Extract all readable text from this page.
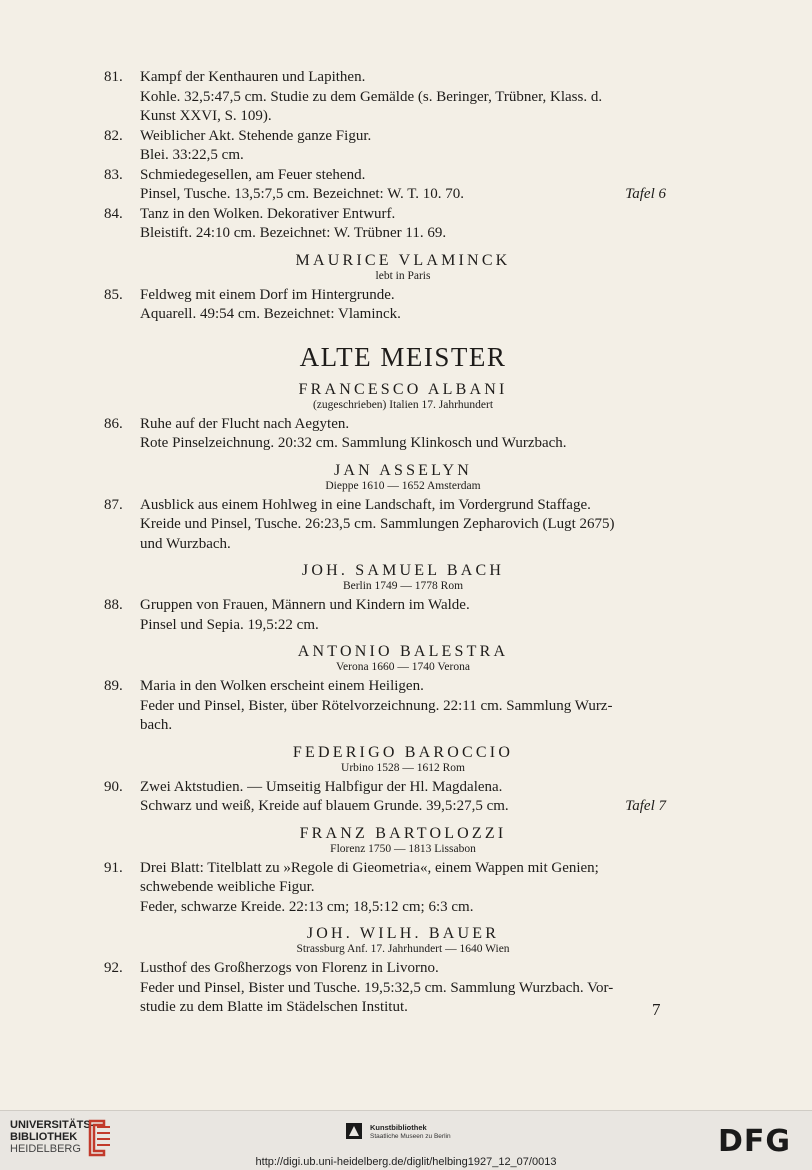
81.	Kampf der Kenthauren und Lapithen.
Kohle. 32,5:47,5 cm. Studie zu dem Gemälde (s. Beringer, Trübner, Klass. d.
Kunst XXVI, S. 109).
82.	Weiblicher Akt. Stehende ganze Figur.
Blei. 33:22,5 cm.
83.	Schmiedegesellen, am Feuer stehend.
Pinsel, Tusche. 13,5:7,5 cm. Bezeichnet: W. T. 10. 70.	Tafel 6
84.	Tanz in den Wolken. Dekorativer Entwurf.
Bleistift. 24:10 cm. Bezeichnet: W. Trübner 11. 69.
MAURICE VLAMINCK
lebt in Paris
85.	Feldweg mit einem Dorf im Hintergrunde.
Aquarell. 49:54 cm. Bezeichnet: Vlaminck.
ALTE MEISTER
FRANCESCO ALBANI
(zugeschrieben) Italien 17. Jahrhundert
86.	Ruhe auf der Flucht nach Aegyten.
Rote Pinselzeichnung. 20:32 cm. Sammlung Klinkosch und Wurzbach.
JAN ASSELYN
Dieppe 1610 — 1652 Amsterdam
87.	Ausblick aus einem Hohlweg in eine Landschaft, im Vordergrund Staffage.
Kreide und Pinsel, Tusche. 26:23,5 cm. Sammlungen Zepharovich (Lugt 2675)
und Wurzbach.
JOH. SAMUEL BACH
Berlin 1749 — 1778 Rom
88.	Gruppen von Frauen, Männern und Kindern im Walde.
Pinsel und Sepia. 19,5:22 cm.
ANTONIO BALESTRA
Verona 1660 — 1740 Verona
89.	Maria in den Wolken erscheint einem Heiligen.
Feder und Pinsel, Bister, über Rötelvorzeichnung. 22:11 cm. Sammlung Wurz-
bach.
FEDERIGO BAROCCIO
Urbino 1528 — 1612 Rom
90.	Zwei Aktstudien. — Umseitig Halbfigur der Hl. Magdalena.
Schwarz und weiß, Kreide auf blauem Grunde. 39,5:27,5 cm.	Tafel 7
FRANZ BARTOLOZZI
Florenz 1750 — 1813 Lissabon
91.	Drei Blatt: Titelblatt zu »Regole di Gieometria«, einem Wappen mit Genien;
schwebende weibliche Figur.
Feder, schwarze Kreide. 22:13 cm; 18,5:12 cm; 6:3 cm.
JOH. WILH. BAUER
Strassburg Anf. 17. Jahrhundert — 1640 Wien
92.	Lusthof des Großherzogs von Florenz in Livorno.
Feder und Pinsel, Bister und Tusche. 19,5:32,5 cm. Sammlung Wurzbach. Vor-
studie zu dem Blatte im Städelschen Institut.	7
UNIVERSITÄTS-
BIBLIOTHEK
HEIDELBERG
Kunstbibliothek
Staatliche Museen zu Berlin	DFG
http://digi.ub.uni-heidelberg.de/diglit/helbing1927_12_07/0013
